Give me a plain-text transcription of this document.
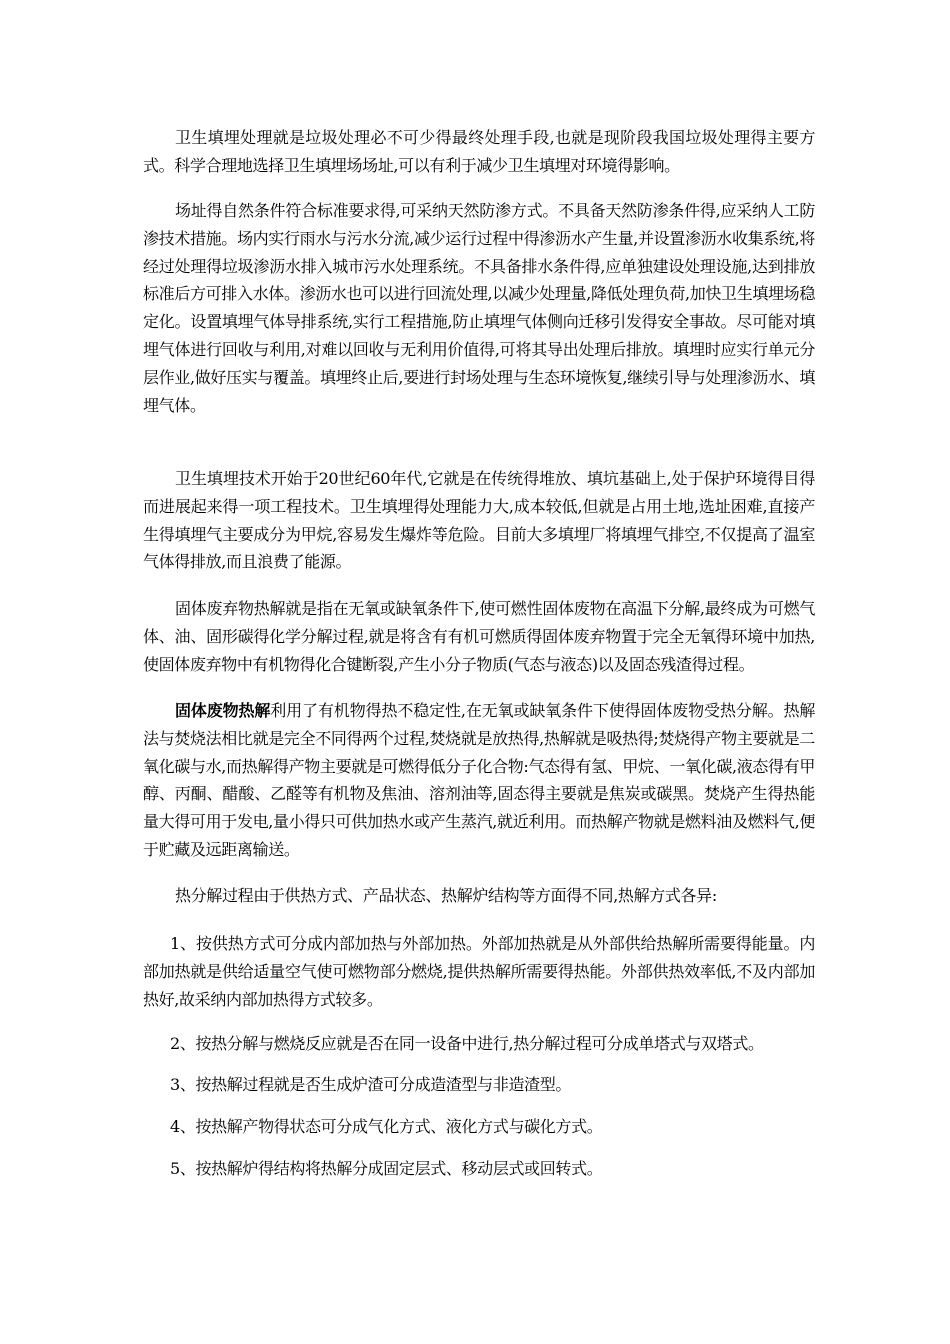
卫生填埋处理就是垃圾处理必不可少得最终处理手段,也就是现阶段我国垃圾处理得主要方式。科学合理地选择卫生填埋场场址,可以有利于减少卫生填埋对环境得影响。

场址得自然条件符合标准要求得,可采纳天然防渗方式。不具备天然防渗条件得,应采纳人工防渗技术措施。场内实行雨水与污水分流,减少运行过程中得渗沥水产生量,并设置渗沥水收集系统,将经过处理得垃圾渗沥水排入城市污水处理系统。不具备排水条件得,应单独建设处理设施,达到排放标准后方可排入水体。渗沥水也可以进行回流处理,以减少处理量,降低处理负荷,加快卫生填埋场稳定化。设置填埋气体导排系统,实行工程措施,防止填埋气体侧向迁移引发得安全事故。尽可能对填埋气体进行回收与利用,对难以回收与无利用价值得,可将其导出处理后排放。填埋时应实行单元分层作业,做好压实与覆盖。填埋终止后,要进行封场处理与生态环境恢复,继续引导与处理渗沥水、填埋气体。

卫生填埋技术开始于20世纪60年代,它就是在传统得堆放、填坑基础上,处于保护环境得目得而进展起来得一项工程技术。卫生填埋得处理能力大,成本较低,但就是占用土地,选址困难,直接产生得填埋气主要成分为甲烷,容易发生爆炸等危险。目前大多填埋厂将填埋气排空,不仅提高了温室气体得排放,而且浪费了能源。

固体废弃物热解就是指在无氧或缺氧条件下,使可燃性固体废物在高温下分解,最终成为可燃气体、油、固形碳得化学分解过程,就是将含有有机可燃质得固体废弃物置于完全无氧得环境中加热,使固体废弃物中有机物得化合键断裂,产生小分子物质(气态与液态)以及固态残渣得过程。

固体废物热解利用了有机物得热不稳定性,在无氧或缺氧条件下使得固体废物受热分解。热解法与焚烧法相比就是完全不同得两个过程,焚烧就是放热得,热解就是吸热得;焚烧得产物主要就是二氧化碳与水,而热解得产物主要就是可燃得低分子化合物:气态得有氢、甲烷、一氧化碳,液态得有甲醇、丙酮、醋酸、乙醛等有机物及焦油、溶剂油等,固态得主要就是焦炭或碳黑。焚烧产生得热能量大得可用于发电,量小得只可供加热水或产生蒸汽,就近利用。而热解产物就是燃料油及燃料气,便于贮藏及远距离输送。

热分解过程由于供热方式、产品状态、热解炉结构等方面得不同,热解方式各异:

1、按供热方式可分成内部加热与外部加热。外部加热就是从外部供给热解所需要得能量。内部加热就是供给适量空气使可燃物部分燃烧,提供热解所需要得热能。外部供热效率低,不及内部加热好,故采纳内部加热得方式较多。

2、按热分解与燃烧反应就是否在同一设备中进行,热分解过程可分成单塔式与双塔式。

3、按热解过程就是否生成炉渣可分成造渣型与非造渣型。

4、按热解产物得状态可分成气化方式、液化方式与碳化方式。

5、按热解炉得结构将热解分成固定层式、移动层式或回转式。
